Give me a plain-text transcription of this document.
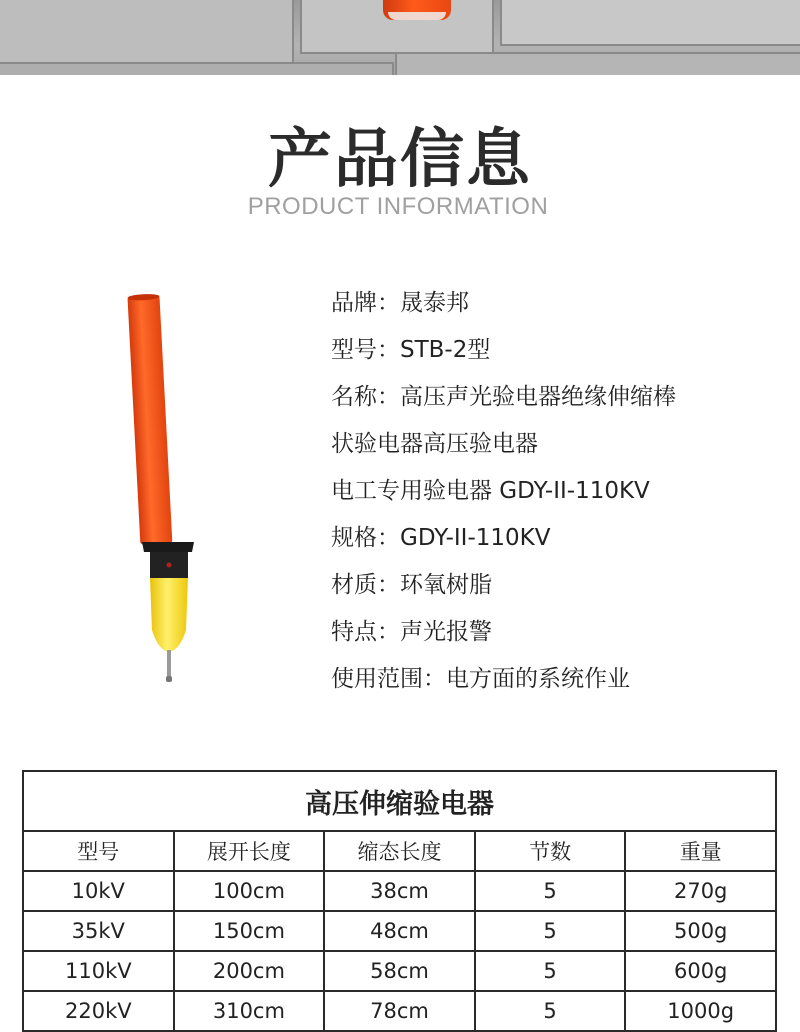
产品信息
PRODUCT INFORMATION
品牌：晟泰邦
型号：STB-2型
名称：高压声光验电器绝缘伸缩棒
状验电器高压验电器
电工专用验电器 GDY-II-110KV
规格：GDY-II-110KV
材质：环氧树脂
特点：声光报警
使用范围：电方面的系统作业
高压伸缩验电器				
型号	展开长度	缩态长度	节数	重量
10kV	100cm	38cm	5	270g
35kV	150cm	48cm	5	500g
110kV	200cm	58cm	5	600g
220kV	310cm	78cm	5	1000g
